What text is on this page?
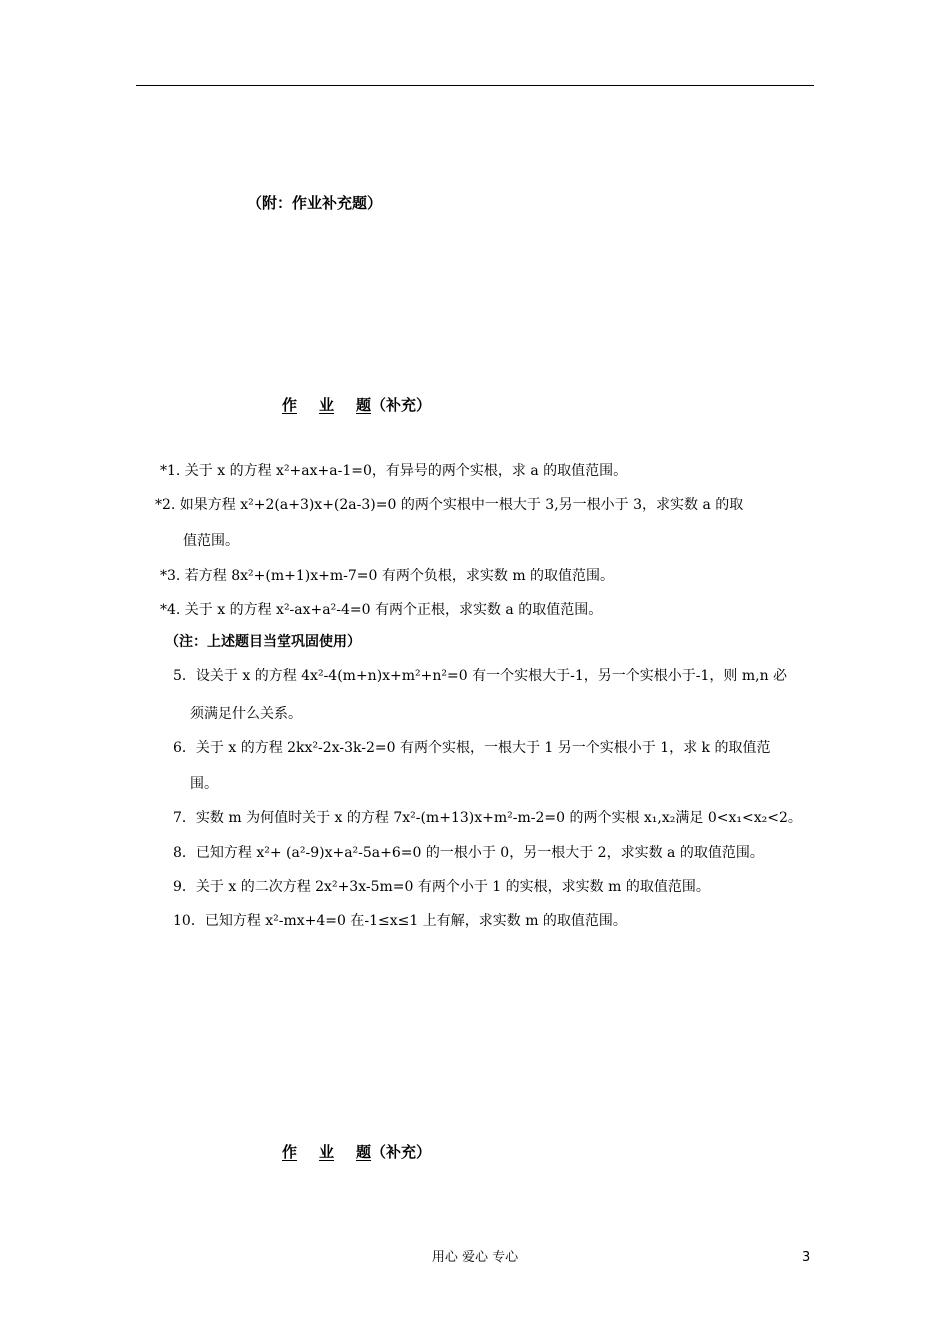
（附：作业补充题）
作 业 题（补充）
*1. 关于 x 的方程 x²+ax+a-1=0，有异号的两个实根，求 a 的取值范围。
*2. 如果方程 x²+2(a+3)x+(2a-3)=0 的两个实根中一根大于 3,另一根小于 3，求实数 a 的取
值范围。
*3. 若方程 8x²+(m+1)x+m-7=0 有两个负根，求实数 m 的取值范围。
*4. 关于 x 的方程 x²-ax+a²-4=0 有两个正根，求实数 a 的取值范围。
（注：上述题目当堂巩固使用）
5．设关于 x 的方程 4x²-4(m+n)x+m²+n²=0 有一个实根大于-1，另一个实根小于-1，则 m,n 必
须满足什么关系。
6．关于 x 的方程 2kx²-2x-3k-2=0 有两个实根，一根大于 1 另一个实根小于 1，求 k 的取值范
围。
7．实数 m 为何值时关于 x 的方程 7x²-(m+13)x+m²-m-2=0 的两个实根 x₁,x₂满足 0<x₁<x₂<2。
8．已知方程 x²+ (a²-9)x+a²-5a+6=0 的一根小于 0，另一根大于 2，求实数 a 的取值范围。
9．关于 x 的二次方程 2x²+3x-5m=0 有两个小于 1 的实根，求实数 m 的取值范围。
10．已知方程 x²-mx+4=0 在-1≤x≤1 上有解，求实数 m 的取值范围。
作 业 题（补充）
用心 爱心 专心	3
